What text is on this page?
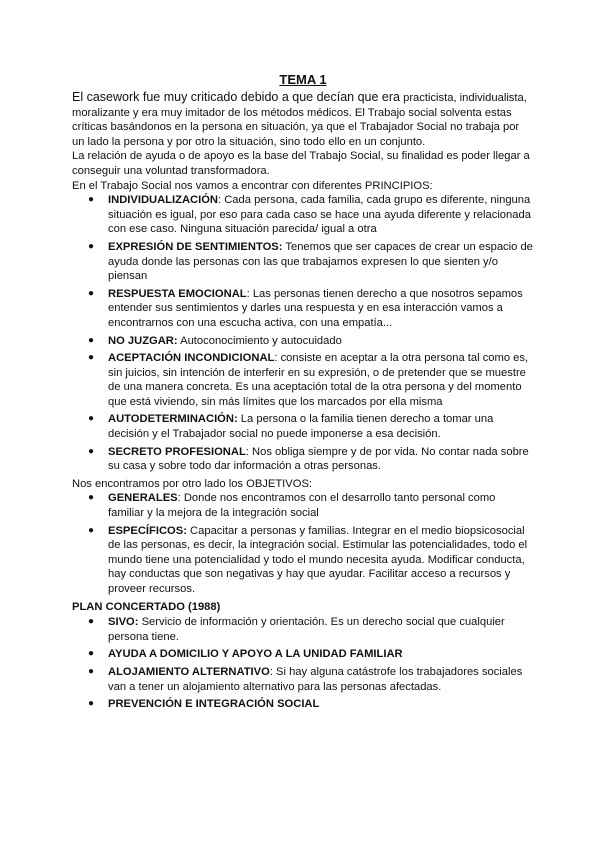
TEMA 1

El casework fue muy criticado debido a que decían que era practicista, individualista, moralizante y era muy imitador de los métodos médicos. El Trabajo social solventa estas críticas basándonos en la persona en situación, ya que el Trabajador Social no trabaja por un lado la persona y por otro la situación, sino todo ello en un conjunto.

La relación de ayuda o de apoyo es la base del Trabajo Social, su finalidad es poder llegar a conseguir una voluntad transformadora.

En el Trabajo Social nos vamos a encontrar con diferentes PRINCIPIOS:

● INDIVIDUALIZACIÓN: Cada persona, cada familia, cada grupo es diferente, ninguna situación es igual, por eso para cada caso se hace una ayuda diferente y relacionada con ese caso. Ninguna situación parecida/ igual a otra
● EXPRESIÓN DE SENTIMIENTOS: Tenemos que ser capaces de crear un espacio de ayuda donde las personas con las que trabajamos expresen lo que sienten y/o piensan
● RESPUESTA EMOCIONAL: Las personas tienen derecho a que nosotros sepamos entender sus sentimientos y darles una respuesta y en esa interacción vamos a encontrarnos con una escucha activa, con una empatía...
● NO JUZGAR: Autoconocimiento y autocuidado
● ACEPTACIÓN INCONDICIONAL: consiste en aceptar a la otra persona tal como es, sin juicios, sin intención de interferir en su expresión, o de pretender que se muestre de una manera concreta. Es una aceptación total de la otra persona y del momento que está viviendo, sin más límites que los marcados por ella misma
● AUTODETERMINACIÓN: La persona o la familia tienen derecho a tomar una decisión y el Trabajador social no puede imponerse a esa decisión.
● SECRETO PROFESIONAL: Nos obliga siempre y de por vida. No contar nada sobre su casa y sobre todo dar información a otras personas.

Nos encontramos por otro lado los OBJETIVOS:

● GENERALES: Donde nos encontramos con el desarrollo tanto personal como familiar y la mejora de la integración social
● ESPECÍFICOS: Capacitar a personas y familias. Integrar en el medio biopsicosocial de las personas, es decir, la integración social. Estimular las potencialidades, todo el mundo tiene una potencialidad y todo el mundo necesita ayuda. Modificar conducta, hay conductas que son negativas y hay que ayudar. Facilitar acceso a recursos y proveer recursos.
PLAN CONCERTADO (1988)
● SIVO: Servicio de información y orientación. Es un derecho social que cualquier persona tiene.
● AYUDA A DOMICILIO Y APOYO A LA UNIDAD FAMILIAR
● ALOJAMIENTO ALTERNATIVO: Si hay alguna catástrofe los trabajadores sociales van a tener un alojamiento alternativo para las personas afectadas.
● PREVENCIÓN E INTEGRACIÓN SOCIAL
